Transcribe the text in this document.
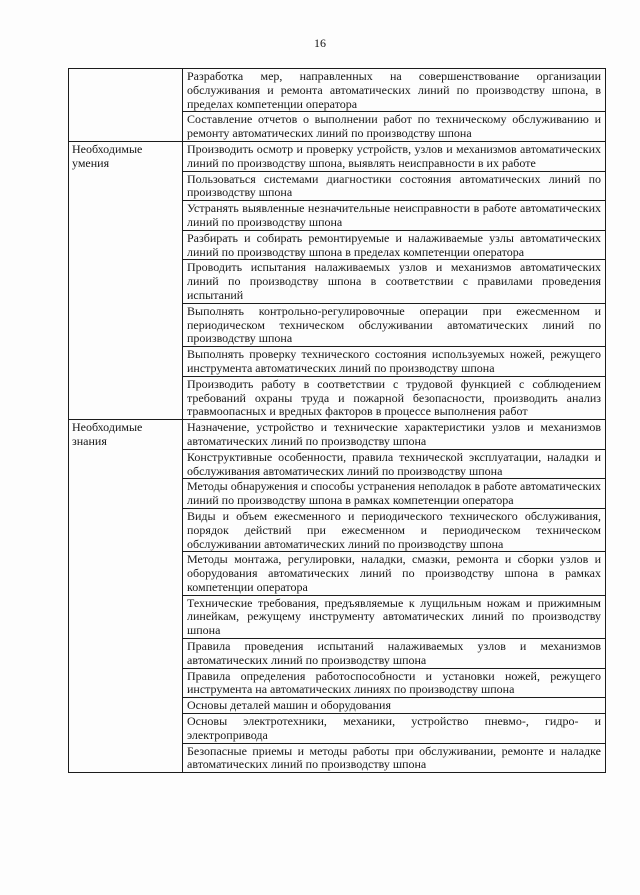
16
	Разработка мер, направленных на совершенствование организации обслуживания и ремонта автоматических линий по производству шпона, в пределах компетенции оператора
	Составление отчетов о выполнении работ по техническому обслуживанию и ремонту автоматических линий по производству шпона
Необходимые умения	Производить осмотр и проверку устройств, узлов и механизмов автоматических линий по производству шпона, выявлять неисправности в их работе
	Пользоваться системами диагностики состояния автоматических линий по производству шпона
	Устранять выявленные незначительные неисправности в работе автоматических линий по производству шпона
	Разбирать и собирать ремонтируемые и налаживаемые узлы автоматических линий по производству шпона в пределах компетенции оператора
	Проводить испытания налаживаемых узлов и механизмов автоматических линий по производству шпона в соответствии с правилами проведения испытаний
	Выполнять контрольно-регулировочные операции при ежесменном и периодическом техническом обслуживании автоматических линий по производству шпона
	Выполнять проверку технического состояния используемых ножей, режущего инструмента автоматических линий по производству шпона
	Производить работу в соответствии с трудовой функцией с соблюдением требований охраны труда и пожарной безопасности, производить анализ травмоопасных и вредных факторов в процессе выполнения работ
Необходимые знания	Назначение, устройство и технические характеристики узлов и механизмов автоматических линий по производству шпона
	Конструктивные особенности, правила технической эксплуатации, наладки и обслуживания автоматических линий по производству шпона
	Методы обнаружения и способы устранения неполадок в работе автоматических линий по производству шпона в рамках компетенции оператора
	Виды и объем ежесменного и периодического технического обслуживания, порядок действий при ежесменном и периодическом техническом обслуживании автоматических линий по производству шпона
	Методы монтажа, регулировки, наладки, смазки, ремонта и сборки узлов и оборудования автоматических линий по производству шпона в рамках компетенции оператора
	Технические требования, предъявляемые к лущильным ножам и прижимным линейкам, режущему инструменту автоматических линий по производству шпона
	Правила проведения испытаний налаживаемых узлов и механизмов автоматических линий по производству шпона
	Правила определения работоспособности и установки ножей, режущего инструмента на автоматических линиях по производству шпона
	Основы деталей машин и оборудования
	Основы электротехники, механики, устройство пневмо-, гидро- и электропривода
	Безопасные приемы и методы работы при обслуживании, ремонте и наладке автоматических линий по производству шпона
